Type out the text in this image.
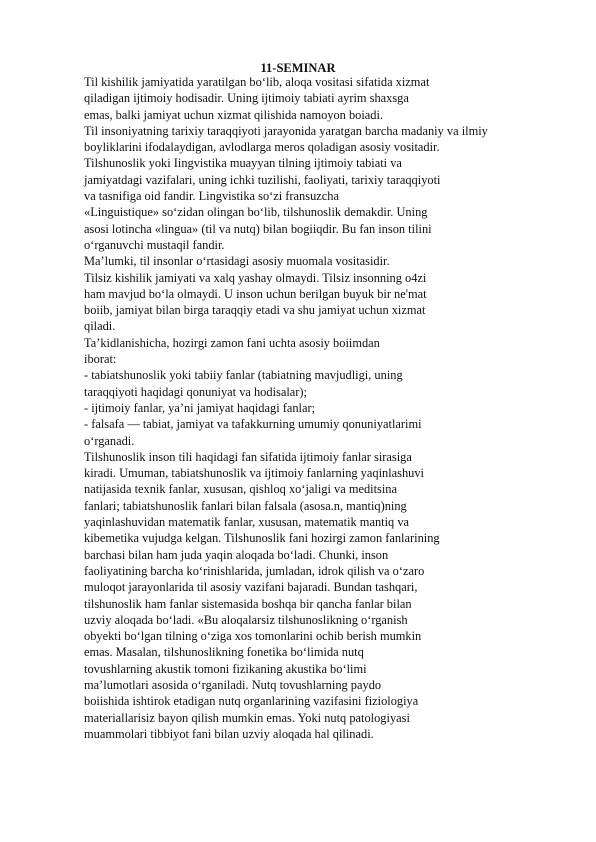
11-SEMINAR
Til kishilik jamiyatida yaratilgan bo‘lib, aloqa vositasi sifatida xizmat
qiladigan ijtimoiy hodisadir. Uning ijtimoiy tabiati ayrim shaxsga
emas, balki jamiyat uchun xizmat qilishida namoyon boiadi.
Til insoniyatning tarixiy taraqqiyoti jarayonida yaratgan barcha madaniy va ilmiy
boyliklarini ifodalaydigan, avlodlarga meros qoladigan asosiy vositadir.
Tilshunoslik yoki Iingvistika muayyan tilning ijtimoiy tabiati va
jamiyatdagi vazifalari, uning ichki tuzilishi, faoliyati, tarixiy taraqqiyoti
va tasnifiga oid fandir. Lingvistika so‘zi fransuzcha
«Linguistique» so‘zidan olingan bo‘lib, tilshunoslik demakdir. Uning
asosi lotincha «lingua» (til va nutq) bilan bogiiqdir. Bu fan inson tilini
o‘rganuvchi mustaqil fandir.
Ma’lumki, til insonlar o‘rtasidagi asosiy muomala vositasidir.
Tilsiz kishilik jamiyati va xalq yashay olmaydi. Tilsiz insonning o4zi
ham mavjud bo‘la olmaydi. U inson uchun berilgan buyuk bir ne'mat
boiib, jamiyat bilan birga taraqqiy etadi va shu jamiyat uchun xizmat
qiladi.
Ta’kidlanishicha, hozirgi zamon fani uchta asosiy boiimdan
iborat:
- tabiatshunoslik yoki tabiiy fanlar (tabiatning mavjudligi, uning
taraqqiyoti haqidagi qonuniyat va hodisalar);
- ijtimoiy fanlar, ya’ni jamiyat haqidagi fanlar;
- falsafa — tabiat, jamiyat va tafakkurning umumiy qonuniyatlarimi
o‘rganadi.
Tilshunoslik inson tili haqidagi fan sifatida ijtimoiy fanlar sirasiga
kiradi. Umuman, tabiatshunoslik va ijtimoiy fanlarning yaqinlashuvi
natijasida texnik fanlar, xususan, qishloq xo‘jaligi va meditsina
fanlari; tabiatshunoslik fanlari bilan falsala (asosa.n, mantiq)ning
yaqinlashuvidan matematik fanlar, xususan, matematik mantiq va
kibemetika vujudga kelgan. Tilshunoslik fani hozirgi zamon fanlarining
barchasi bilan ham juda yaqin aloqada bo‘ladi. Chunki, inson
faoliyatining barcha ko‘rinishlarida, jumladan, idrok qilish va o‘zaro
muloqot jarayonlarida til asosiy vazifani bajaradi. Bundan tashqari,
tilshunoslik ham fanlar sistemasida boshqa bir qancha fanlar bilan
uzviy aloqada bo‘ladi. «Bu aloqalarsiz tilshunoslikning o‘rganish
obyekti bo‘lgan tilning o‘ziga xos tomonlarini ochib berish mumkin
emas. Masalan, tilshunoslikning fonetika bo‘limida nutq
tovushlarning akustik tomoni fizikaning akustika bo‘limi
ma’lumotlari asosida o‘rganiladi. Nutq tovushlarning paydo
boiishida ishtirok etadigan nutq organlarining vazifasini fiziologiya
materiallarisiz bayon qilish mumkin emas. Yoki nutq patologiyasi
muammolari tibbiyot fani bilan uzviy aloqada hal qilinadi.
